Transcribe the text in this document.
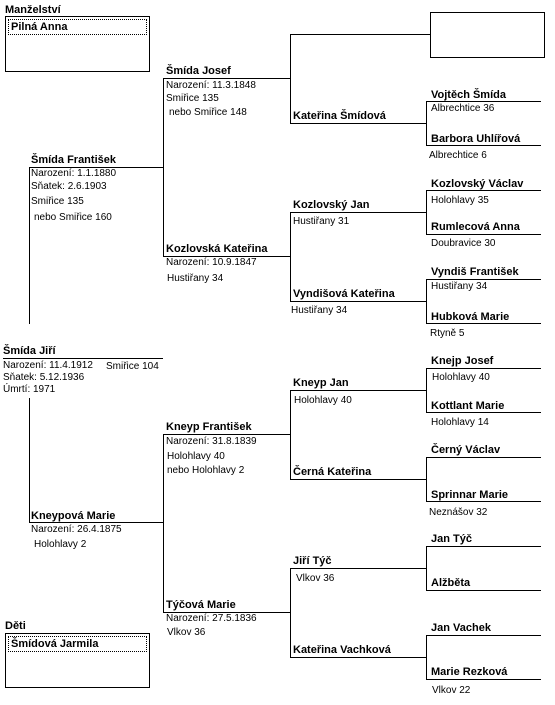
Manželství
Pilná Anna
Děti
Šmídová Jarmila
Šmída Jiří
Narození: 11.4.1912 Smiřice 104
Sňatek: 5.12.1936
Úmrtí: 1971
Šmída František
Narození: 1.1.1880
Sňatek: 2.6.1903
Smiřice 135
nebo Smiřice 160
Kneypová Marie
Narození: 26.4.1875
Holohlavy 2
Šmída Josef
Narození: 11.3.1848
Smiřice 135
nebo Smiřice 148
Kozlovská Kateřina
Narození: 10.9.1847
Hustiřany 34
Kneyp František
Narození: 31.8.1839
Holohlavy 40
nebo Holohlavy 2
Týčová Marie
Narození: 27.5.1836
Vlkov 36
Kateřina Šmídová
Kozlovský Jan
Hustiřany 31
Vyndišová Kateřina
Hustiřany 34
Kneyp Jan
Holohlavy 40
Černá Kateřina
Jiří Týč
Vlkov 36
Kateřina Vachková
Vojtěch Šmída
Albrechtice 36
Barbora Uhlířová
Albrechtice 6
Kozlovský Václav
Holohlavy 35
Rumlecová Anna
Doubravice 30
Vyndiš František
Hustiřany 34
Hubková Marie
Rtyně 5
Knejp Josef
Holohlavy 40
Kottlant Marie
Holohlavy 14
Černý Václav
Sprinnar Marie
Neznášov 32
Jan Týč
Alžběta
Jan Vachek
Marie Rezková
Vlkov 22
